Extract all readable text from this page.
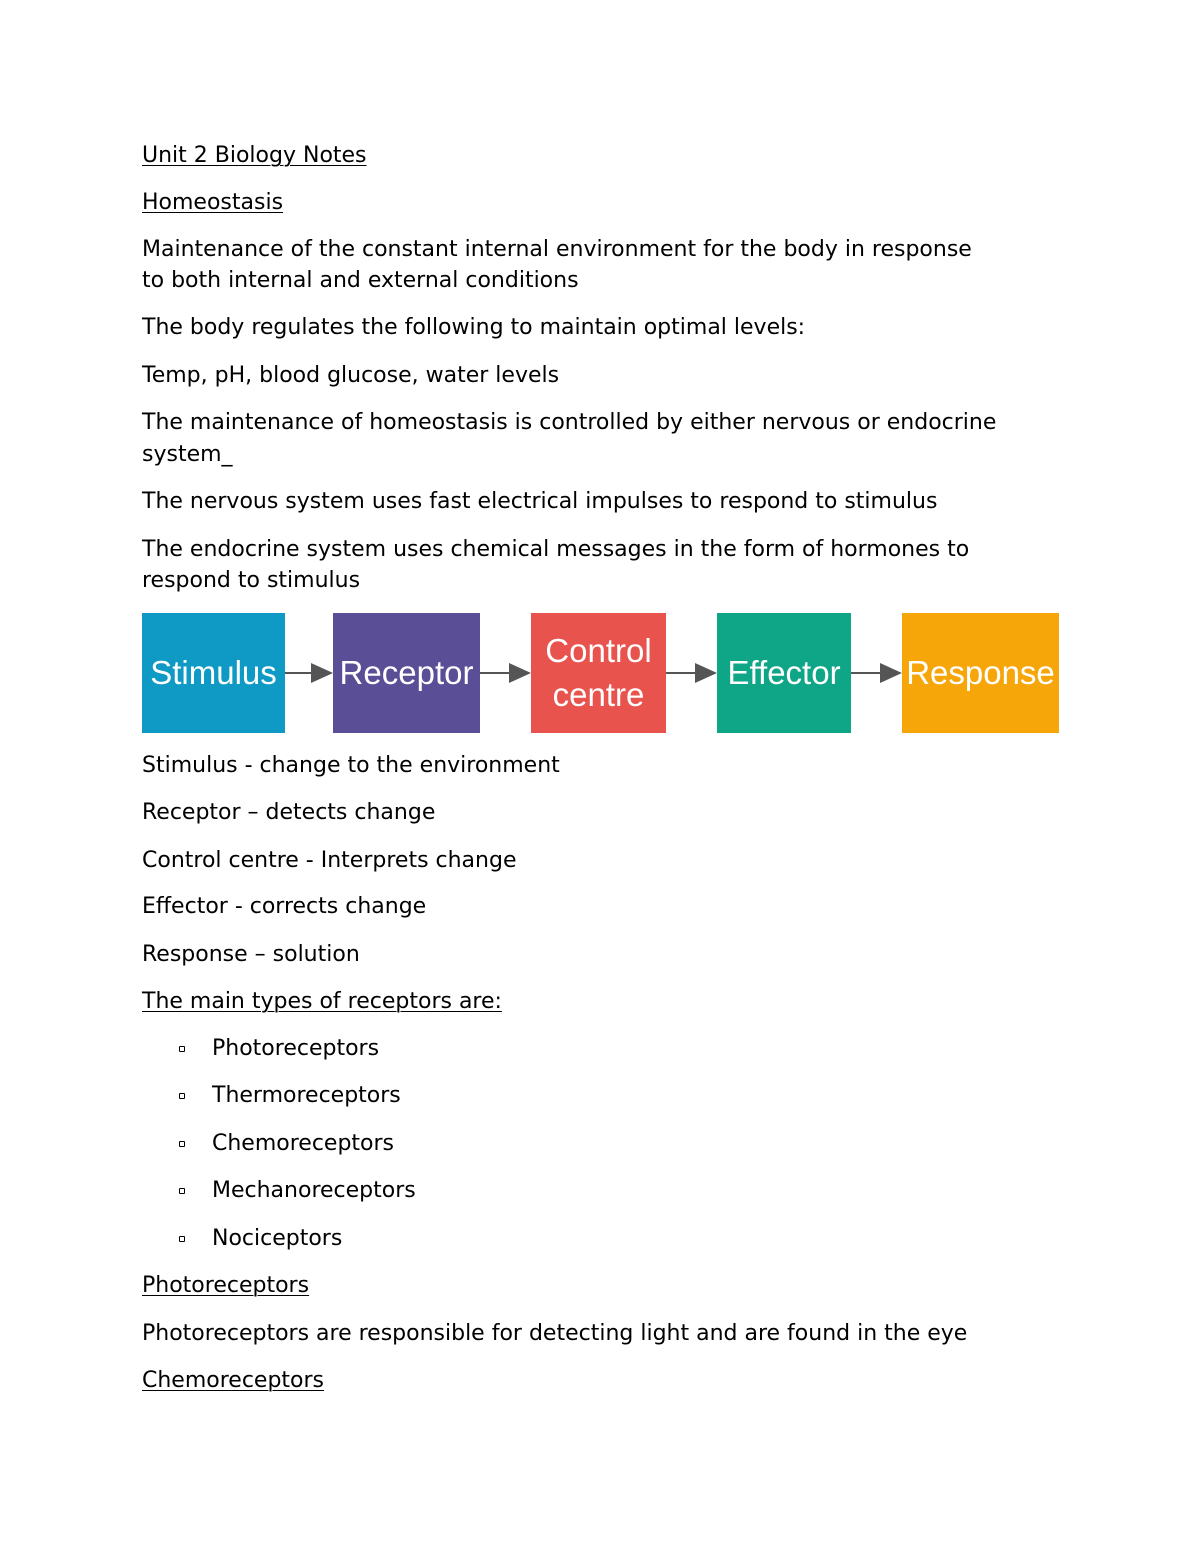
Unit 2 Biology Notes

Homeostasis

Maintenance of the constant internal environment for the body in response

to both internal and external conditions

The body regulates the following to maintain optimal levels:

Temp, pH, blood glucose, water levels

The maintenance of homeostasis is controlled by either nervous or endocrine

system_

The nervous system uses fast electrical impulses to respond to stimulus

The endocrine system uses chemical messages in the form of hormones to

respond to stimulus

Stimulus Receptor
Control centre
Effector Response

Stimulus - change to the environment

Receptor – detects change

Control centre - Interprets change

Effector - corrects change

Response – solution

The main types of receptors are:

Photoreceptors

Thermoreceptors

Chemoreceptors

Mechanoreceptors

Nociceptors

Photoreceptors

Photoreceptors are responsible for detecting light and are found in the eye

Chemoreceptors
